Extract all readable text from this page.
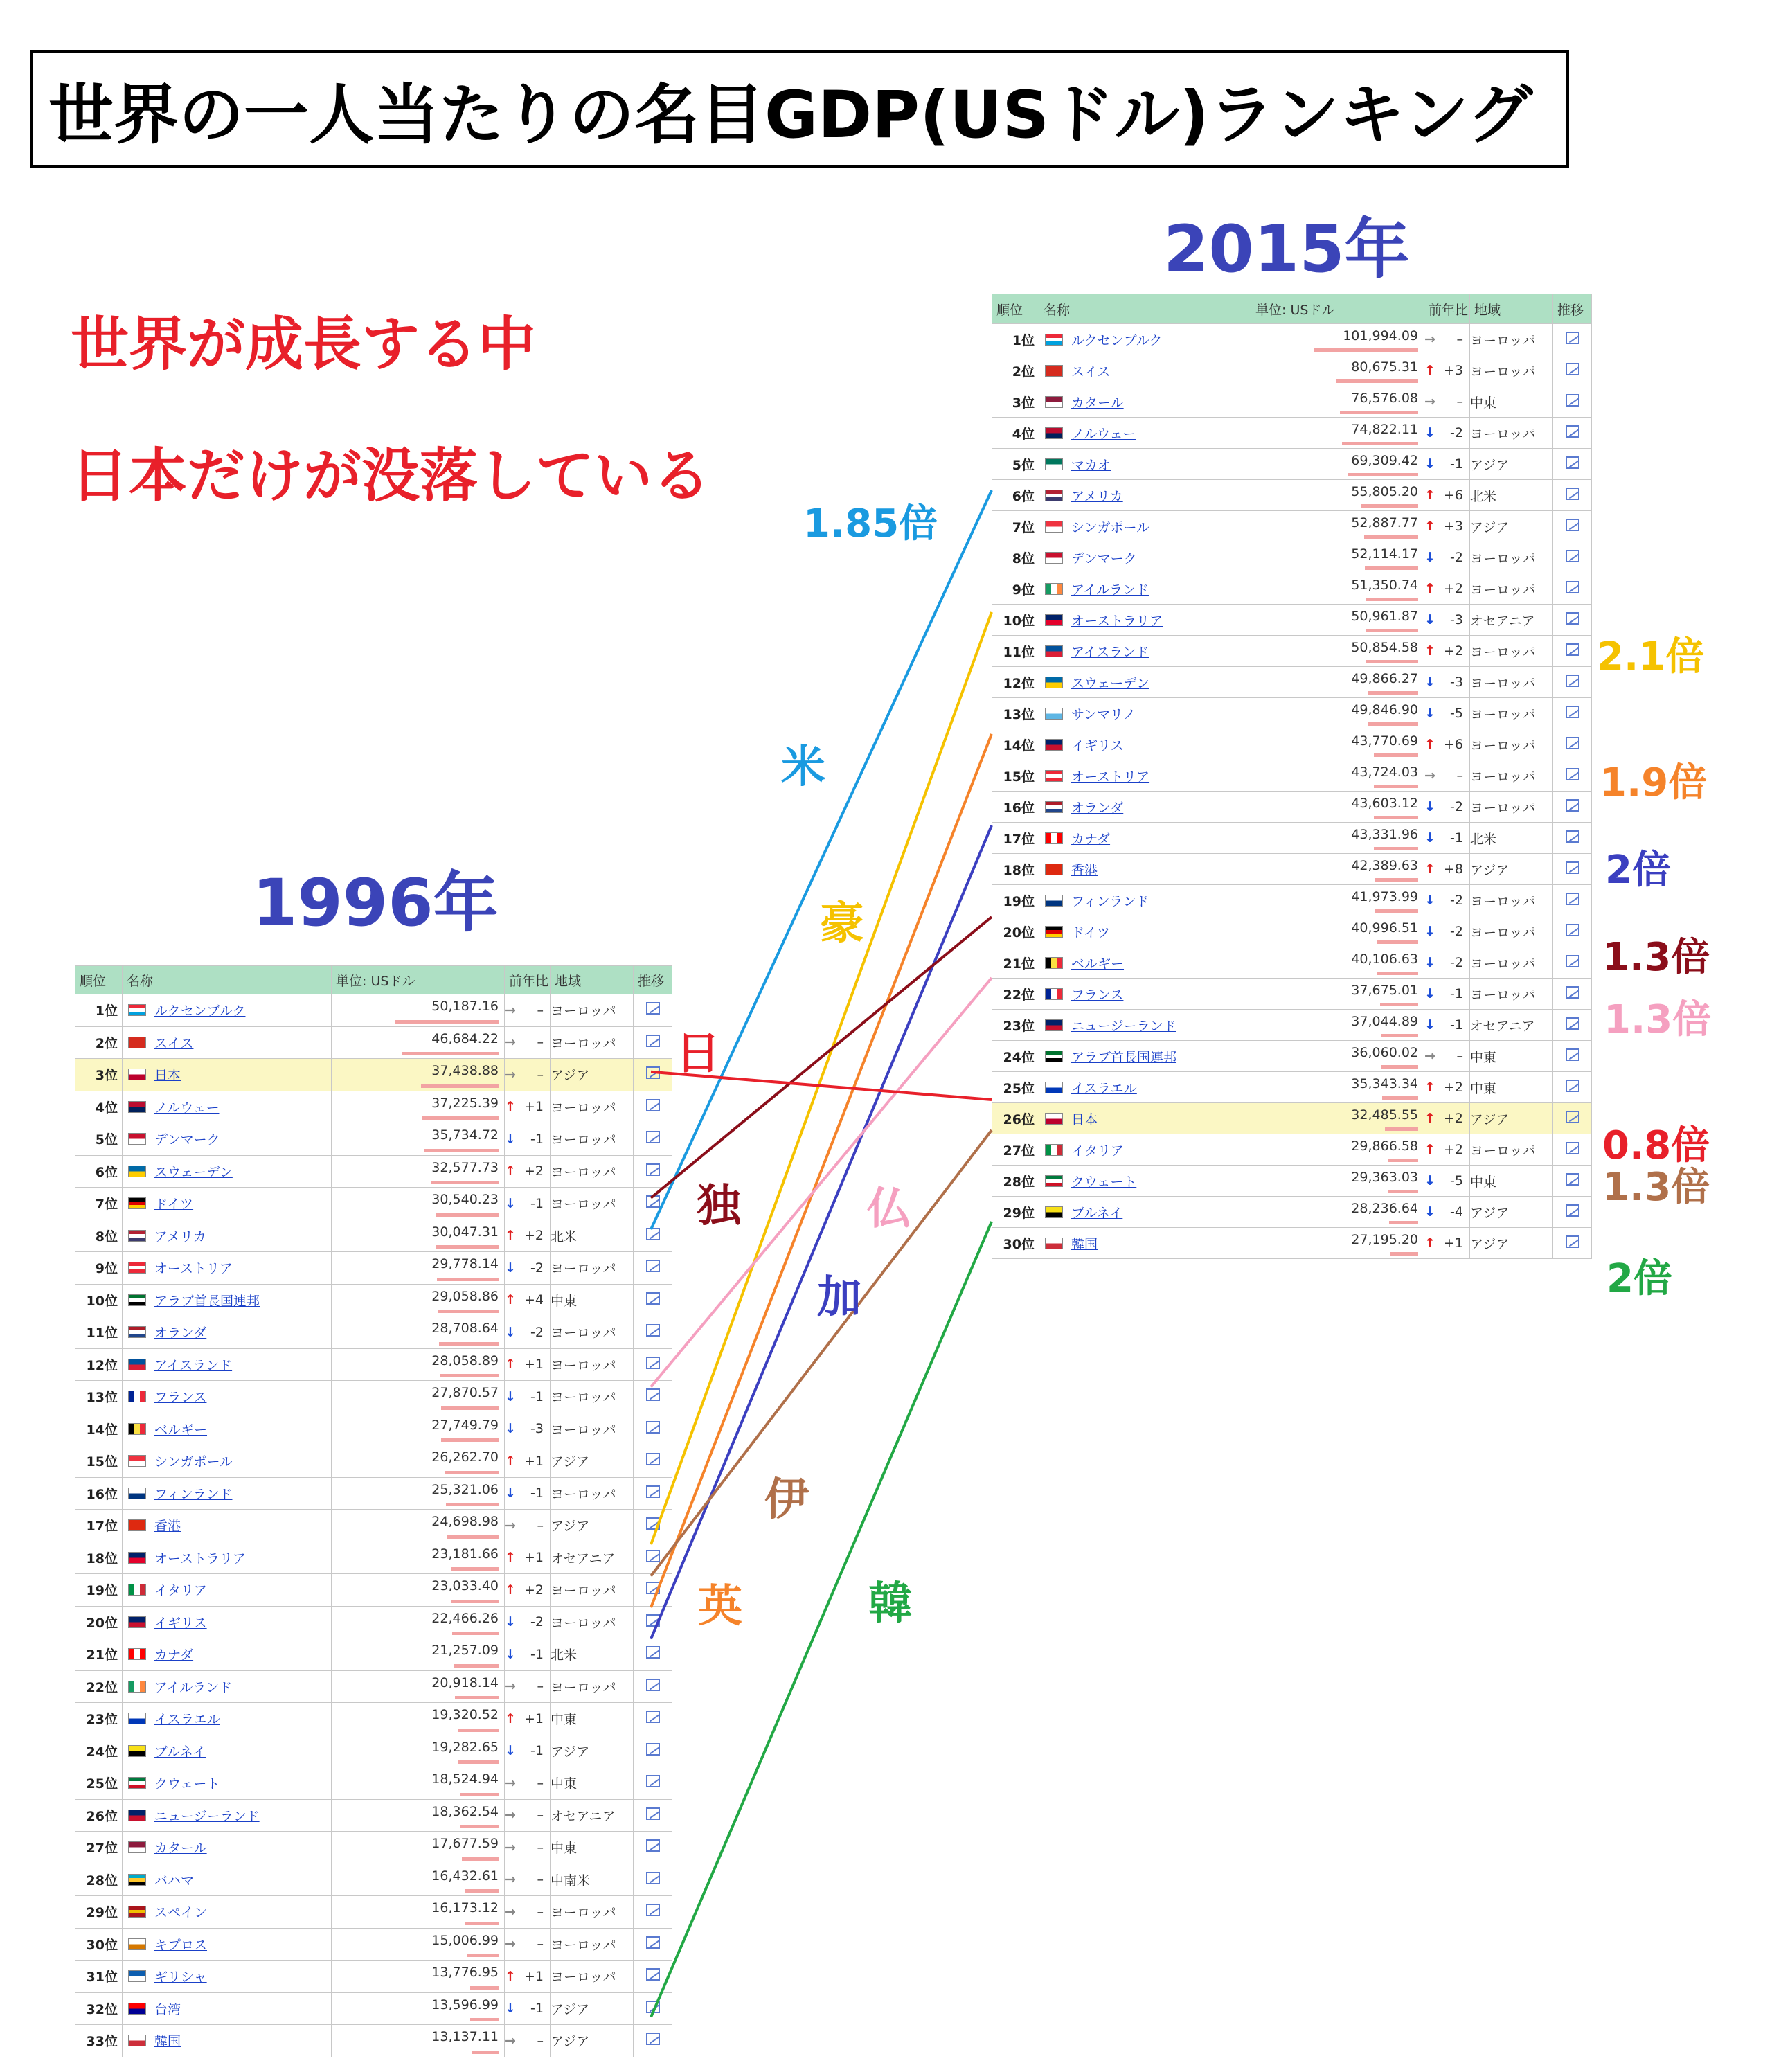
世界の一人当たりの名目GDP(USドル)ランキング
世界が成長する中
日本だけが没落している
2015年
1996年
順位	名称	単位: USドル	前年比	地域	推移
1位	ルクセンブルク	101,994.09	→ –	ヨーロッパ	
2位	スイス	80,675.31	↑ +3	ヨーロッパ	
3位	カタール	76,576.08	→ –	中東	
4位	ノルウェー	74,822.11	↓ -2	ヨーロッパ	
5位	マカオ	69,309.42	↓ -1	アジア	
6位	アメリカ	55,805.20	↑ +6	北米	
7位	シンガポール	52,887.77	↑ +3	アジア	
8位	デンマーク	52,114.17	↓ -2	ヨーロッパ	
9位	アイルランド	51,350.74	↑ +2	ヨーロッパ	
10位	オーストラリア	50,961.87	↓ -3	オセアニア	
11位	アイスランド	50,854.58	↑ +2	ヨーロッパ	
12位	スウェーデン	49,866.27	↓ -3	ヨーロッパ	
13位	サンマリノ	49,846.90	↓ -5	ヨーロッパ	
14位	イギリス	43,770.69	↑ +6	ヨーロッパ	
15位	オーストリア	43,724.03	→ –	ヨーロッパ	
16位	オランダ	43,603.12	↓ -2	ヨーロッパ	
17位	カナダ	43,331.96	↓ -1	北米	
18位	香港	42,389.63	↑ +8	アジア	
19位	フィンランド	41,973.99	↓ -2	ヨーロッパ	
20位	ドイツ	40,996.51	↓ -2	ヨーロッパ	
21位	ベルギー	40,106.63	↓ -2	ヨーロッパ	
22位	フランス	37,675.01	↓ -1	ヨーロッパ	
23位	ニュージーランド	37,044.89	↓ -1	オセアニア	
24位	アラブ首長国連邦	36,060.02	→ –	中東	
25位	イスラエル	35,343.34	↑ +2	中東	
26位	日本	32,485.55	↑ +2	アジア	
27位	イタリア	29,866.58	↑ +2	ヨーロッパ	
28位	クウェート	29,363.03	↓ -5	中東	
29位	ブルネイ	28,236.64	↓ -4	アジア	
30位	韓国	27,195.20	↑ +1	アジア	
順位	名称	単位: USドル	前年比	地域	推移
1位	ルクセンブルク	50,187.16	→ –	ヨーロッパ	
2位	スイス	46,684.22	→ –	ヨーロッパ	
3位	日本	37,438.88	→ –	アジア	
4位	ノルウェー	37,225.39	↑ +1	ヨーロッパ	
5位	デンマーク	35,734.72	↓ -1	ヨーロッパ	
6位	スウェーデン	32,577.73	↑ +2	ヨーロッパ	
7位	ドイツ	30,540.23	↓ -1	ヨーロッパ	
8位	アメリカ	30,047.31	↑ +2	北米	
9位	オーストリア	29,778.14	↓ -2	ヨーロッパ	
10位	アラブ首長国連邦	29,058.86	↑ +4	中東	
11位	オランダ	28,708.64	↓ -2	ヨーロッパ	
12位	アイスランド	28,058.89	↑ +1	ヨーロッパ	
13位	フランス	27,870.57	↓ -1	ヨーロッパ	
14位	ベルギー	27,749.79	↓ -3	ヨーロッパ	
15位	シンガポール	26,262.70	↑ +1	アジア	
16位	フィンランド	25,321.06	↓ -1	ヨーロッパ	
17位	香港	24,698.98	→ –	アジア	
18位	オーストラリア	23,181.66	↑ +1	オセアニア	
19位	イタリア	23,033.40	↑ +2	ヨーロッパ	
20位	イギリス	22,466.26	↓ -2	ヨーロッパ	
21位	カナダ	21,257.09	↓ -1	北米	
22位	アイルランド	20,918.14	→ –	ヨーロッパ	
23位	イスラエル	19,320.52	↑ +1	中東	
24位	ブルネイ	19,282.65	↓ -1	アジア	
25位	クウェート	18,524.94	→ –	中東	
26位	ニュージーランド	18,362.54	→ –	オセアニア	
27位	カタール	17,677.59	→ –	中東	
28位	バハマ	16,432.61	→ –	中南米	
29位	スペイン	16,173.12	→ –	ヨーロッパ	
30位	キプロス	15,006.99	→ –	ヨーロッパ	
31位	ギリシャ	13,776.95	↑ +1	ヨーロッパ	
32位	台湾	13,596.99	↓ -1	アジア	
33位	韓国	13,137.11	→ –	アジア	
米
1.85倍
豪
2.1倍
英
1.9倍
加
2倍
独
1.3倍
仏
1.3倍
日
0.8倍
伊
1.3倍
韓
2倍
